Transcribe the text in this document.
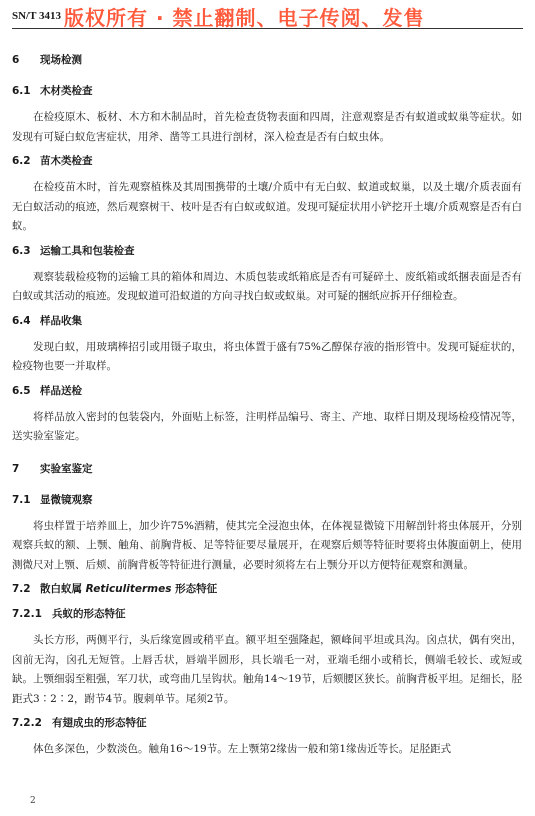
SN/T 3413 版权所有 · 禁止翻制、电子传阅、发售
6 现场检测
6.1 木材类检查

在检疫原木、板材、木方和木制品时，首先检查货物表面和四周，注意观察是否有蚁道或蚁巢等症状。如发现有可疑白蚁危害症状，用斧、凿等工具进行剖材，深入检查是否有白蚁虫体。

6.2 苗木类检查

在检疫苗木时，首先观察植株及其周围携带的土壤/介质中有无白蚁、蚁道或蚁巢，以及土壤/介质表面有无白蚁活动的痕迹，然后观察树干、枝叶是否有白蚁或蚁道。发现可疑症状用小铲挖开土壤/介质观察是否有白蚁。

6.3 运输工具和包装检查

观察装载检疫物的运输工具的箱体和周边、木质包装或纸箱底是否有可疑碎土、废纸箱或纸捆表面是否有白蚁或其活动的痕迹。发现蚁道可沿蚁道的方向寻找白蚁或蚁巢。对可疑的捆纸应拆开仔细检查。

6.4 样品收集

发现白蚁，用玻璃棒招引或用镊子取虫，将虫体置于盛有75%乙醇保存液的指形管中。发现可疑症状的，检疫物也要一并取样。

6.5 样品送检

将样品放入密封的包装袋内，外面贴上标签，注明样品编号、寄主、产地、取样日期及现场检疫情况等，送实验室鉴定。

7 实验室鉴定
7.1 显微镜观察

将虫样置于培养皿上，加少许75%酒精，使其完全浸泡虫体，在体视显微镜下用解剖针将虫体展开，分别观察兵蚁的额、上颚、触角、前胸背板、足等特征要尽量展开，在观察后颊等特征时要将虫体腹面朝上，使用测微尺对上颚、后颊、前胸背板等特征进行测量，必要时须将左右上颚分开以方便特征观察和测量。

7.2 散白蚁属 Reticulitermes 形态特征
7.2.1 兵蚁的形态特征

头长方形，两侧平行，头后缘宽圆或稍平直。额平坦至强隆起，额峰间平坦或具沟。囟点状，偶有突出，囟前无沟，囟孔无短管。上唇舌状，唇端半圆形，具长端毛一对，亚端毛细小或稍长，侧端毛较长、或短或缺。上颚细弱至粗强，军刀状，或弯曲几呈钩状。触角14～19节，后颏腰区狭长。前胸背板平坦。足细长，胫距式3∶2∶2，跗节4节。腹刺单节。尾须2节。

7.2.2 有翅成虫的形态特征

体色多深色，少数淡色。触角16～19节。左上颚第2缘齿一般和第1缘齿近等长。足胫距式

2
